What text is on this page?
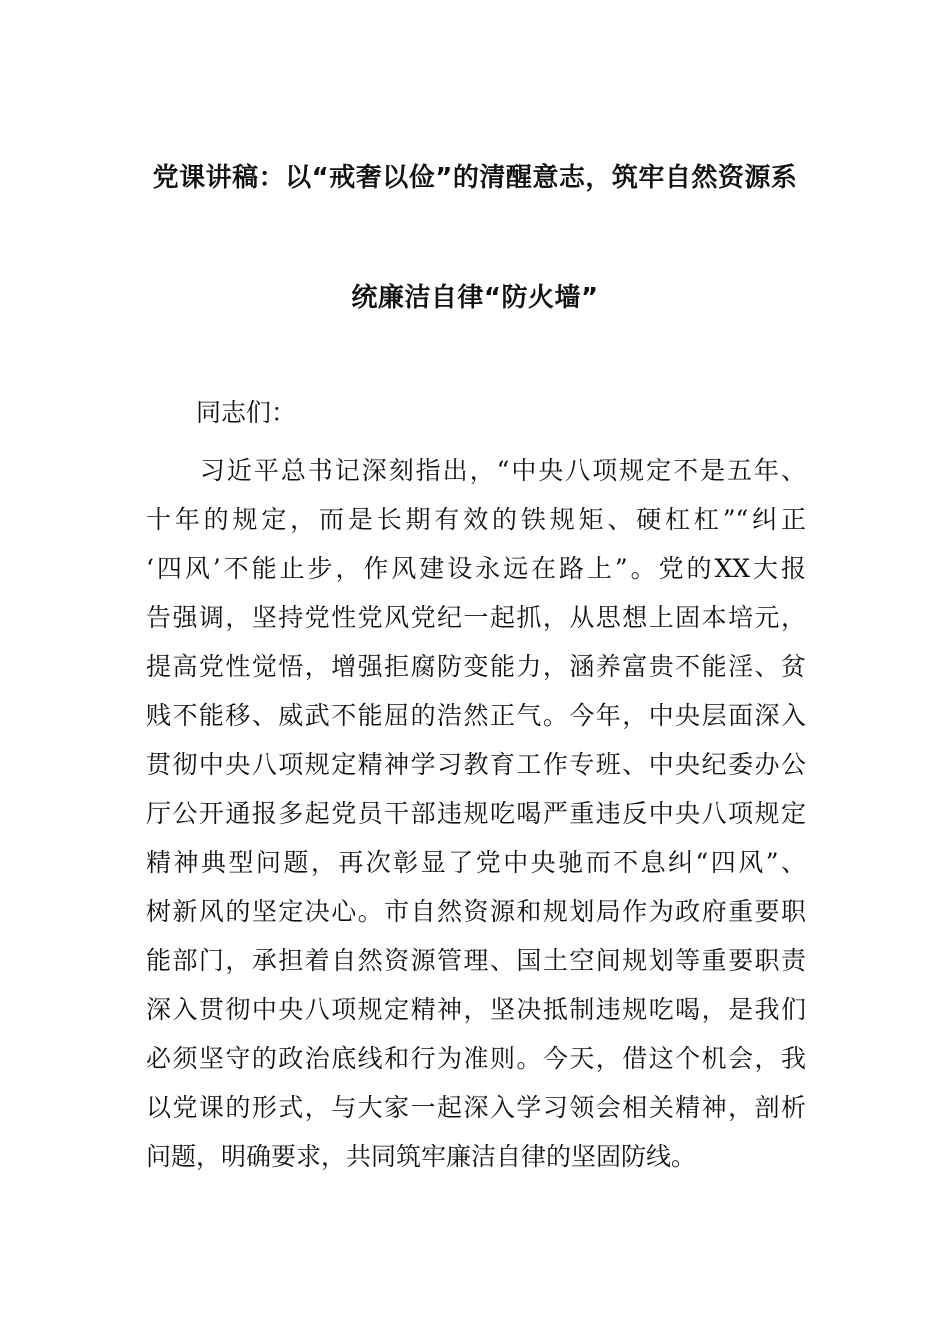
党课讲稿：以“戒奢以俭”的清醒意志，筑牢自然资源系
统廉洁自律“防火墙”
同志们：
　　习近平总书记深刻指出，“中央八项规定不是五年、
十年的规定，而是长期有效的铁规矩、硬杠杠”“纠正
‘四风’不能止步，作风建设永远在路上”。党的XX大报
告强调，坚持党性党风党纪一起抓，从思想上固本培元，
提高党性觉悟，增强拒腐防变能力，涵养富贵不能淫、贫
贱不能移、威武不能屈的浩然正气。今年，中央层面深入
贯彻中央八项规定精神学习教育工作专班、中央纪委办公
厅公开通报多起党员干部违规吃喝严重违反中央八项规定
精神典型问题，再次彰显了党中央驰而不息纠“四风”、
树新风的坚定决心。市自然资源和规划局作为政府重要职
能部门，承担着自然资源管理、国土空间规划等重要职责
深入贯彻中央八项规定精神，坚决抵制违规吃喝，是我们
必须坚守的政治底线和行为准则。今天，借这个机会，我
以党课的形式，与大家一起深入学习领会相关精神，剖析
问题，明确要求，共同筑牢廉洁自律的坚固防线。
